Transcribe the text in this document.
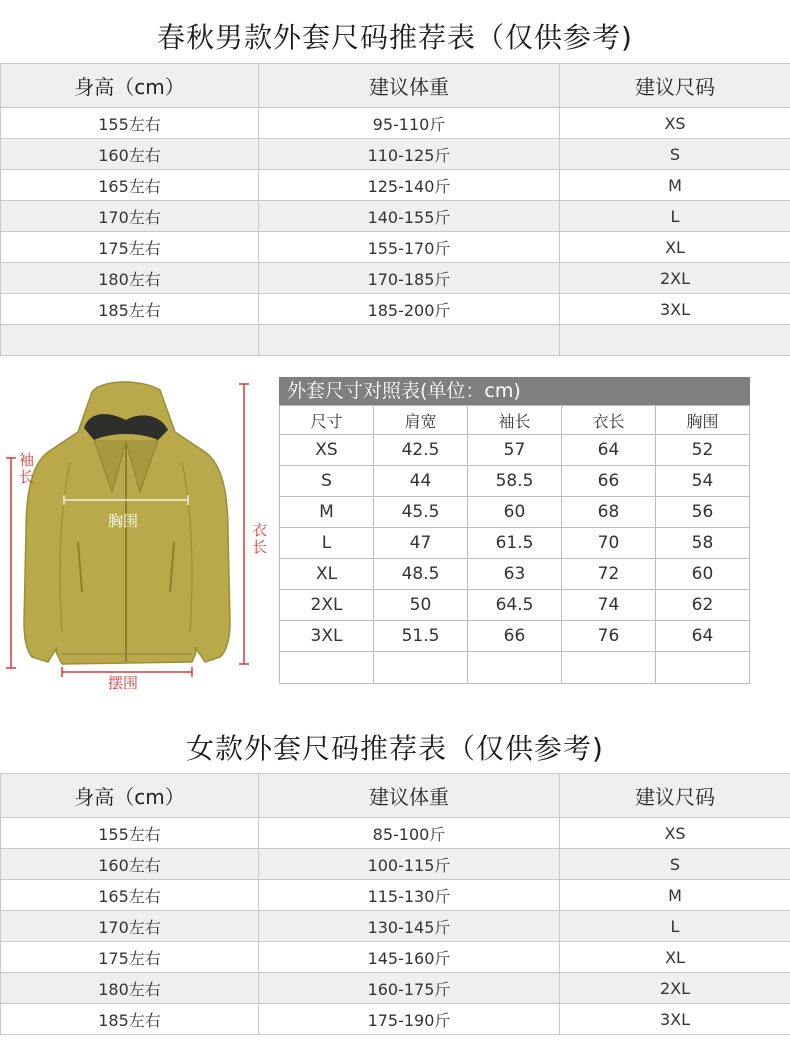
春秋男款外套尺码推荐表（仅供参考)
身高（cm）	建议体重	建议尺码
155左右	95-110斤	XS
160左右	110-125斤	S
165左右	125-140斤	M
170左右	140-155斤	L
175左右	155-170斤	XL
180左右	170-185斤	2XL
185左右	185-200斤	3XL

袖长
衣长
胸围
摆围
外套尺寸对照表(单位：cm)
尺寸	肩宽	袖长	衣长	胸围
XS	42.5	57	64	52
S	44	58.5	66	54
M	45.5	60	68	56
L	47	61.5	70	58
XL	48.5	63	72	60
2XL	50	64.5	74	62
3XL	51.5	66	76	64

女款外套尺码推荐表（仅供参考)
身高（cm）	建议体重	建议尺码
155左右	85-100斤	XS
160左右	100-115斤	S
165左右	115-130斤	M
170左右	130-145斤	L
175左右	145-160斤	XL
180左右	160-175斤	2XL
185左右	175-190斤	3XL
